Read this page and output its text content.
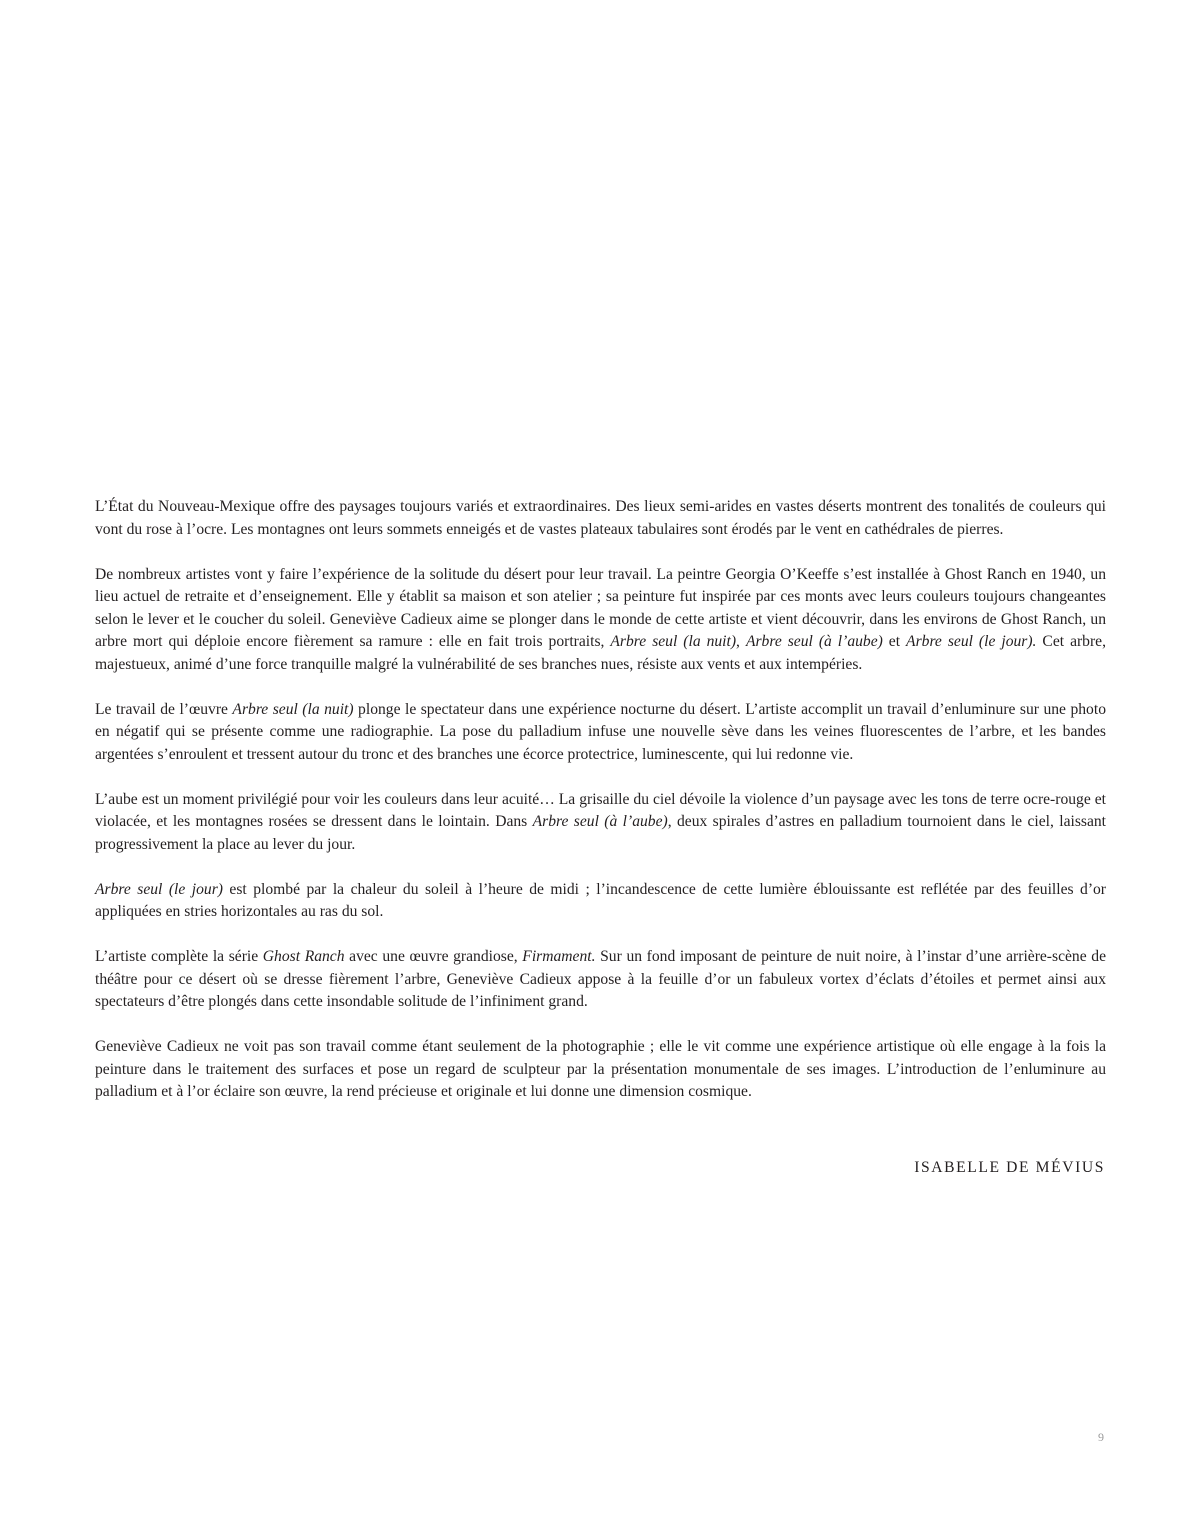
L’État du Nouveau-Mexique offre des paysages toujours variés et extraordinaires. Des lieux semi-arides en vastes déserts montrent des tonalités de couleurs qui vont du rose à l’ocre. Les montagnes ont leurs sommets enneigés et de vastes plateaux tabulaires sont érodés par le vent en cathédrales de pierres.

De nombreux artistes vont y faire l’expérience de la solitude du désert pour leur travail. La peintre Georgia O’Keeffe s’est installée à Ghost Ranch en 1940, un lieu actuel de retraite et d’enseignement. Elle y établit sa maison et son atelier ; sa peinture fut inspirée par ces monts avec leurs couleurs toujours changeantes selon le lever et le coucher du soleil. Geneviève Cadieux aime se plonger dans le monde de cette artiste et vient découvrir, dans les environs de Ghost Ranch, un arbre mort qui déploie encore fièrement sa ramure : elle en fait trois portraits, Arbre seul (la nuit), Arbre seul (à l’aube) et Arbre seul (le jour). Cet arbre, majestueux, animé d’une force tranquille malgré la vulnérabilité de ses branches nues, résiste aux vents et aux intempéries.

Le travail de l’œuvre Arbre seul (la nuit) plonge le spectateur dans une expérience nocturne du désert. L’artiste accomplit un travail d’enluminure sur une photo en négatif qui se présente comme une radiographie. La pose du palladium infuse une nouvelle sève dans les veines fluorescentes de l’arbre, et les bandes argentées s’enroulent et tressent autour du tronc et des branches une écorce protectrice, luminescente, qui lui redonne vie.

L’aube est un moment privilégié pour voir les couleurs dans leur acuité… La grisaille du ciel dévoile la violence d’un paysage avec les tons de terre ocre-rouge et violacée, et les montagnes rosées se dressent dans le lointain. Dans Arbre seul (à l’aube), deux spirales d’astres en palladium tournoient dans le ciel, laissant progressivement la place au lever du jour.

Arbre seul (le jour) est plombé par la chaleur du soleil à l’heure de midi ; l’incandescence de cette lumière éblouissante est reflétée par des feuilles d’or appliquées en stries horizontales au ras du sol.

L’artiste complète la série Ghost Ranch avec une œuvre grandiose, Firmament. Sur un fond imposant de peinture de nuit noire, à l’instar d’une arrière-scène de théâtre pour ce désert où se dresse fièrement l’arbre, Geneviève Cadieux appose à la feuille d’or un fabuleux vortex d’éclats d’étoiles et permet ainsi aux spectateurs d’être plongés dans cette insondable solitude de l’infiniment grand.

Geneviève Cadieux ne voit pas son travail comme étant seulement de la photographie ; elle le vit comme une expérience artistique où elle engage à la fois la peinture dans le traitement des surfaces et pose un regard de sculpteur par la présentation monumentale de ses images. L’introduction de l’enluminure au palladium et à l’or éclaire son œuvre, la rend précieuse et originale et lui donne une dimension cosmique.

ISABELLE DE MÉVIUS
9
